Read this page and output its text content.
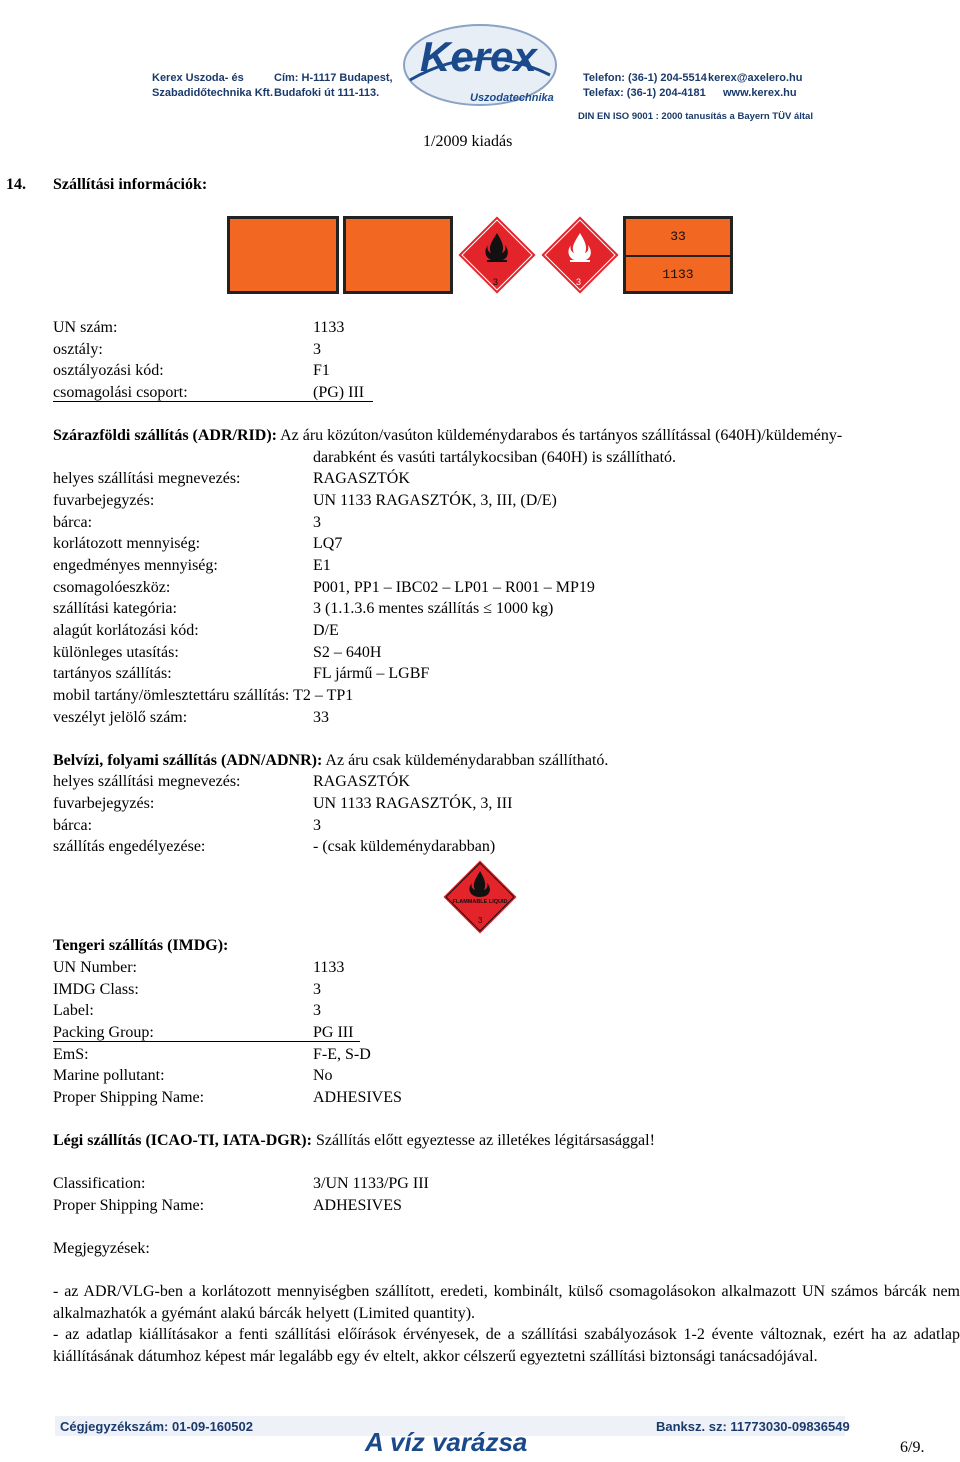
Kerex
Uszodatechnika
Kerex Uszoda- és
Szabadidőtechnika Kft.
Cím: H-1117 Budapest,
Budafoki út 111-113.
Telefon: (36-1) 204-5514
Telefax: (36-1) 204-4181
kerex@axelero.hu
www.kerex.hu
DIN EN ISO 9001 : 2000 tanusítás a Bayern TÜV által
1/2009 kiadás
14. Szállítási információk:
3	3
33
1133
UN szám:	1133
osztály:	3
osztályozási kód:	F1
csomagolási csoport:	(PG) III
Szárazföldi szállítás (ADR/RID): Az áru közúton/vasúton küldeménydarabos és tartányos szállítással (640H)/küldemény-
darabként és vasúti tartálykocsiban (640H) is szállítható.
helyes szállítási megnevezés:	RAGASZTÓK
fuvarbejegyzés:	UN 1133 RAGASZTÓK, 3, III, (D/E)
bárca:	3
korlátozott mennyiség:	LQ7
engedményes mennyiség:	E1
csomagolóeszköz:	P001, PP1 – IBC02 – LP01 – R001 – MP19
szállítási kategória:	3 (1.1.3.6 mentes szállítás ≤ 1000 kg)
alagút korlátozási kód:	D/E
különleges utasítás:	S2 – 640H
tartányos szállítás:	FL jármű – LGBF
mobil tartány/ömlesztettáru szállítás: T2 – TP1
veszélyt jelölő szám:	33
Belvízi, folyami szállítás (ADN/ADNR): Az áru csak küldeménydarabban szállítható.
helyes szállítási megnevezés:	RAGASZTÓK
fuvarbejegyzés:	UN 1133 RAGASZTÓK, 3, III
bárca:	3
szállítás engedélyezése:	- (csak küldeménydarabban)
FLAMMABLE LIQUID
3
Tengeri szállítás (IMDG):
UN Number:	1133
IMDG Class:	3
Label:	3
Packing Group:	PG III
EmS:	F-E, S-D
Marine pollutant:	No
Proper Shipping Name:	ADHESIVES
Légi szállítás (ICAO-TI, IATA-DGR): Szállítás előtt egyeztesse az illetékes légitársasággal!
Classification:	3/UN 1133/PG III
Proper Shipping Name:	ADHESIVES
Megjegyzések:
- az ADR/VLG-ben a korlátozott mennyiségben szállított, eredeti, kombinált, külső csomagolásokon alkalmazott UN számos bárcák nem alkalmazhatók a gyémánt alakú bárcák helyett (Limited quantity).
- az adatlap kiállításakor a fenti szállítási előírások érvényesek, de a szállítási szabályozások 1-2 évente változnak, ezért ha az adatlap kiállításának dátumhoz képest már legalább egy év eltelt, akkor célszerű egyeztetni szállítási biztonsági tanácsadójával.
Cégjegyzékszám: 01-09-160502	Banksz. sz: 11773030-09836549
A víz varázsa	6/9.
